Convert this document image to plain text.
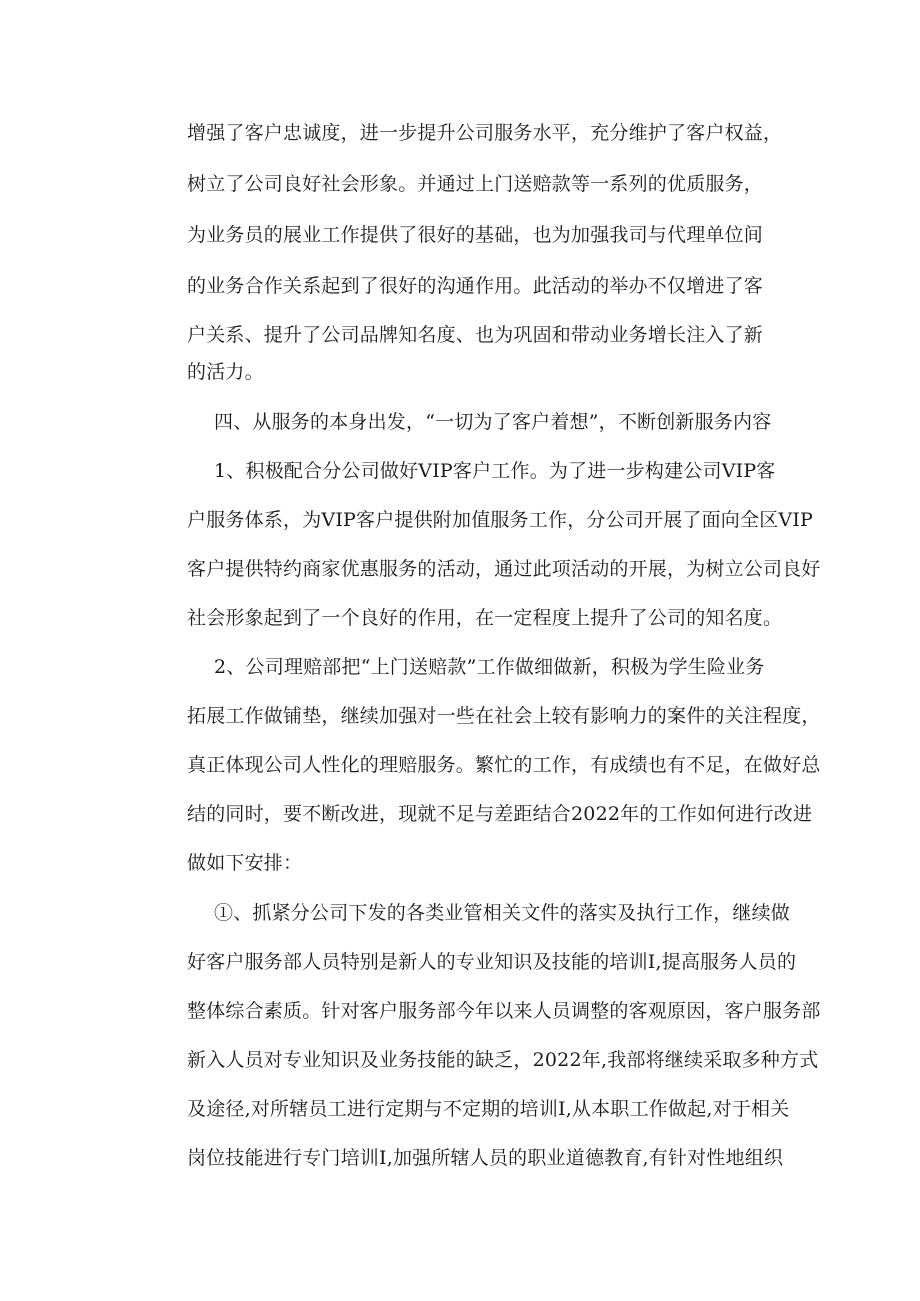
增强了客户忠诚度，进一步提升公司服务水平，充分维护了客户权益，
树立了公司良好社会形象。并通过上门送赔款等一系列的优质服务，
为业务员的展业工作提供了很好的基础，也为加强我司与代理单位间
的业务合作关系起到了很好的沟通作用。此活动的举办不仅增进了客
户关系、提升了公司品牌知名度、也为巩固和带动业务增长注入了新
的活力。
四、从服务的本身出发，“一切为了客户着想”，不断创新服务内容
1、积极配合分公司做好VIP客户工作。为了进一步构建公司VIP客
户服务体系，为VIP客户提供附加值服务工作，分公司开展了面向全区VIP
客户提供特约商家优惠服务的活动，通过此项活动的开展，为树立公司良好
社会形象起到了一个良好的作用，在一定程度上提升了公司的知名度。
2、公司理赔部把“上门送赔款”工作做细做新，积极为学生险业务
拓展工作做铺垫，继续加强对一些在社会上较有影响力的案件的关注程度，
真正体现公司人性化的理赔服务。繁忙的工作，有成绩也有不足，在做好总
结的同时，要不断改进，现就不足与差距结合2022年的工作如何进行改进
做如下安排：
①、抓紧分公司下发的各类业管相关文件的落实及执行工作，继续做
好客户服务部人员特别是新人的专业知识及技能的培训I,提高服务人员的
整体综合素质。针对客户服务部今年以来人员调整的客观原因，客户服务部
新入人员对专业知识及业务技能的缺乏，2022年,我部将继续采取多种方式
及途径,对所辖员工进行定期与不定期的培训I,从本职工作做起,对于相关
岗位技能进行专门培训I,加强所辖人员的职业道德教育,有针对性地组织
